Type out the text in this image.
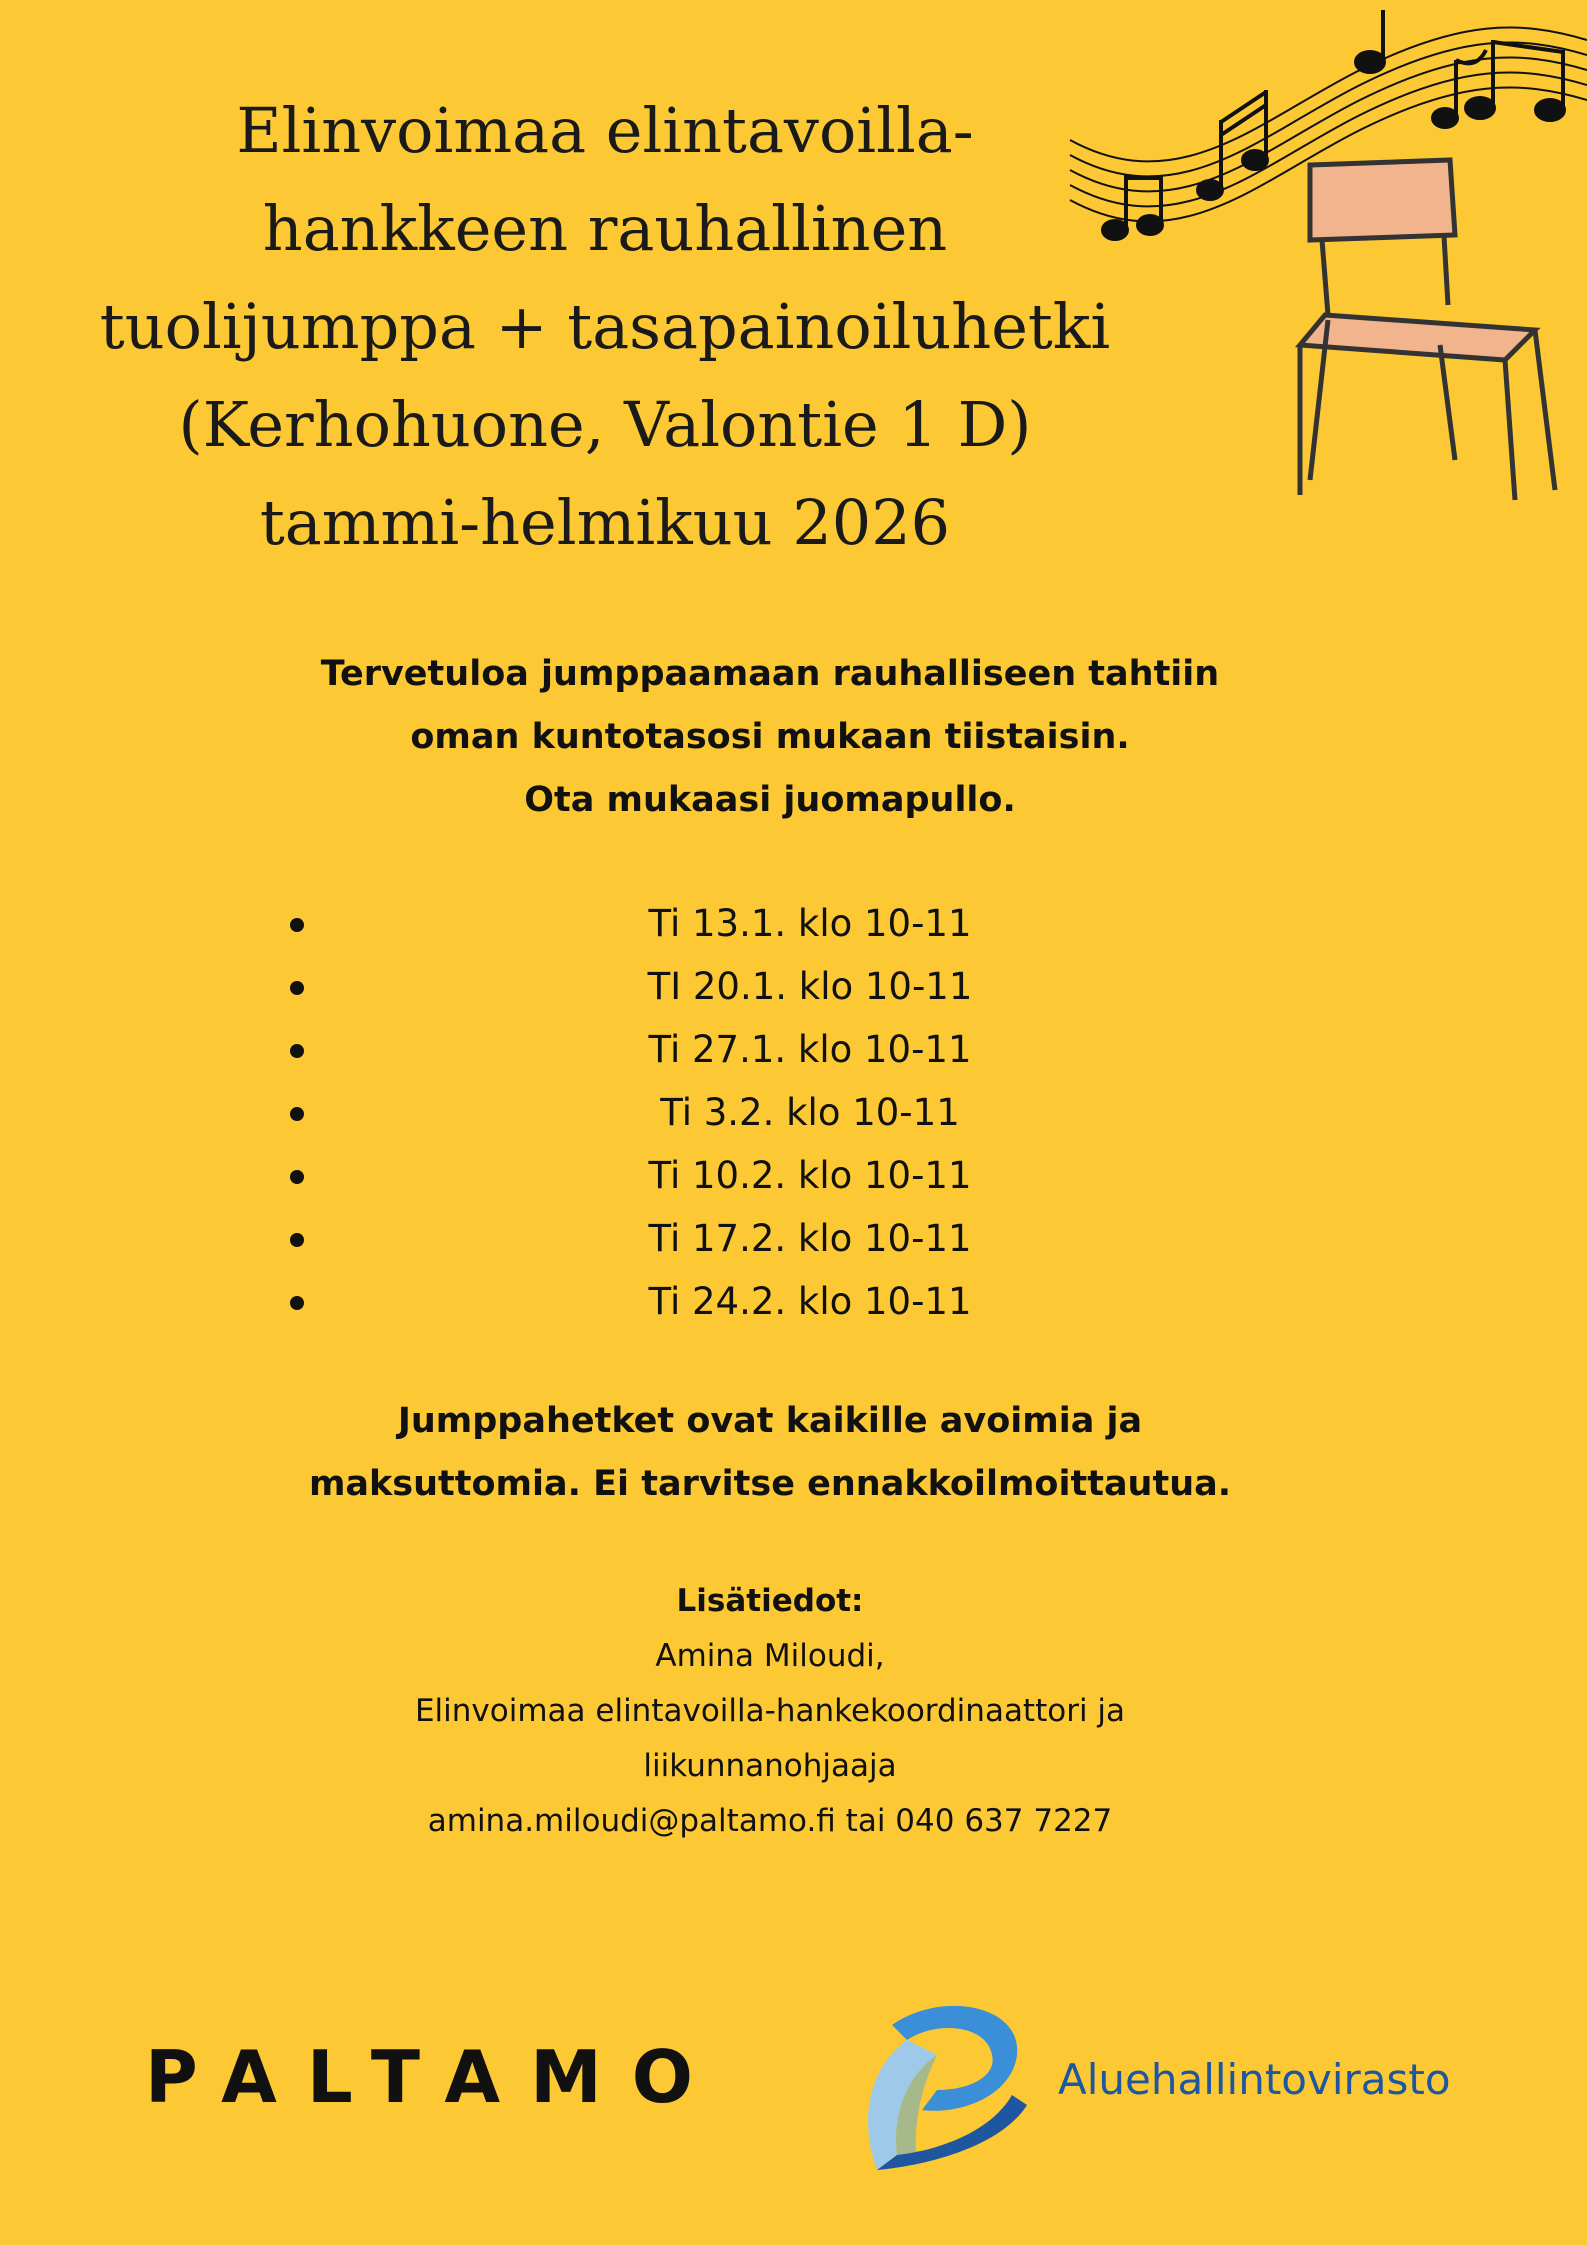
Elinvoimaa elintavoilla-
hankkeen rauhallinen
tuolijumppa + tasapainoiluhetki
(Kerhohuone, Valontie 1 D)
tammi-helmikuu 2026
Tervetuloa jumppaamaan rauhalliseen tahtiin
oman kuntotasosi mukaan tiistaisin.
Ota mukaasi juomapullo.
Ti 13.1. klo 10-11
TI 20.1. klo 10-11
Ti 27.1. klo 10-11
Ti 3.2. klo 10-11
Ti 10.2. klo 10-11
Ti 17.2. klo 10-11
Ti 24.2. klo 10-11
Jumppahetket ovat kaikille avoimia ja
maksuttomia. Ei tarvitse ennakkoilmoittautua.
Lisätiedot:
Amina Miloudi,
Elinvoimaa elintavoilla-hankekoordinaattori ja
liikunnanohjaaja
amina.miloudi@paltamo.fi tai 040 637 7227
PALTAMO	Aluehallintovirasto
